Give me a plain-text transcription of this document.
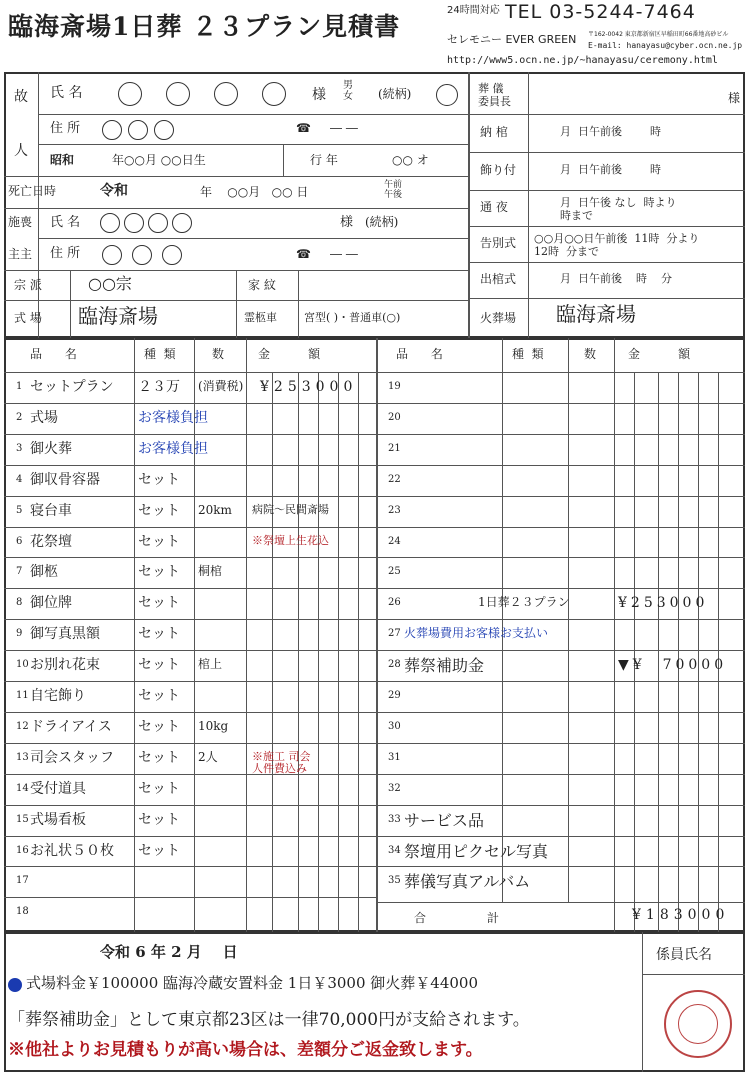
臨海斎場1日葬 ２３プラン見積書
24時間対応 TEL 03-5244-7464
セレモニー EVER GREEN 〒162-0042 東京都新宿区早稲田町66番地高砂ビル
E-mail: hanayasu@cyber.ocn.ne.jp
http://www5.ocn.ne.jp/~hanayasu/ceremony.html
故
人
氏 名	様
男
女 (続柄)
住 所	☎ ― ―
昭和	年○○月 ○○日生	行 年	○○ オ
死亡日時	令和	年    ○○月   ○○ 日	午前
午後
施喪
主主
氏 名	様 (続柄)
住 所	☎ ― ―
宗 派	○○宗	家 紋
式 場 臨海斎場	霊柩車 宮型( )・普通車(○)
葬 儀
委員長	様
納 棺	月  日午前後        時
飾り付	月  日午前後        時
通 夜	月  日午後 なし  時より
時まで
告別式 ○○月○○日午前後  11時  分より
12時  分まで
出棺式	月  日午前後    時    分
火葬場 臨海斎場
品      名	種  類	数	金          額	品      名	種  類	数	金          額
1 セットプラン ２３万 (消費税) ¥253000
2 式場	お客様負担
3 御火葬	お客様負担
4 御収骨容器	セット
5 寝台車	セット 20km 病院～民間斎場
6 花祭壇	セット	※祭壇上生花込
7 御柩	セット 桐棺
8 御位牌	セット
9 御写真黒額	セット
10 お別れ花束	セット 棺上
11 自宅飾り	セット
12 ドライアイス セット 10kg
13 司会スタッフ セット 2人	※施工 司会
人件費込み
14 受付道具	セット
15 式場看板	セット
16 お礼状５０枚 セット
17
18
19
20
21
22
23
24
25
26	1日葬２３プラン	¥253000
27 火葬場費用お客様お支払い
28 葬祭補助金	▼¥  70000
29
30
31
32
33 サービス品
34 祭壇用ピクセル写真
35 葬儀写真アルバム
合                計	¥183000
令和 6 年 2 月    日	係員氏名
式場料金￥100000 臨海冷蔵安置料金 1日￥3000 御火葬￥44000
「葬祭補助金」として東京都23区は一律70,000円が支給されます。
※他社よりお見積もりが高い場合は、差額分ご返金致します。
